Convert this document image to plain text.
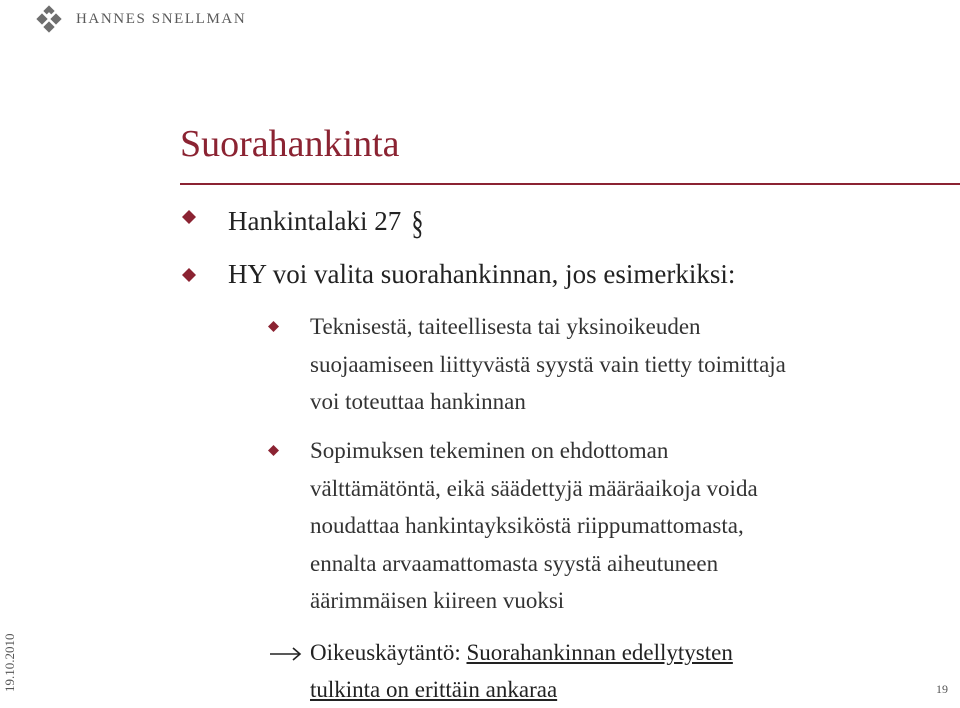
HANNES SNELLMAN
Suorahankinta
Hankintalaki 27 §
HY voi valita suorahankinnan, jos esimerkiksi:
Teknisestä, taiteellisesta tai yksinoikeuden
suojaamiseen liittyvästä syystä vain tietty toimittaja
voi toteuttaa hankinnan
Sopimuksen tekeminen on ehdottoman
välttämätöntä, eikä säädettyjä määräaikoja voida
noudattaa hankintayksiköstä riippumattomasta,
ennalta arvaamattomasta syystä aiheutuneen
äärimmäisen kiireen vuoksi
Oikeuskäytäntö: Suorahankinnan edellytysten
tulkinta on erittäin ankaraa
19.10.2010	19
